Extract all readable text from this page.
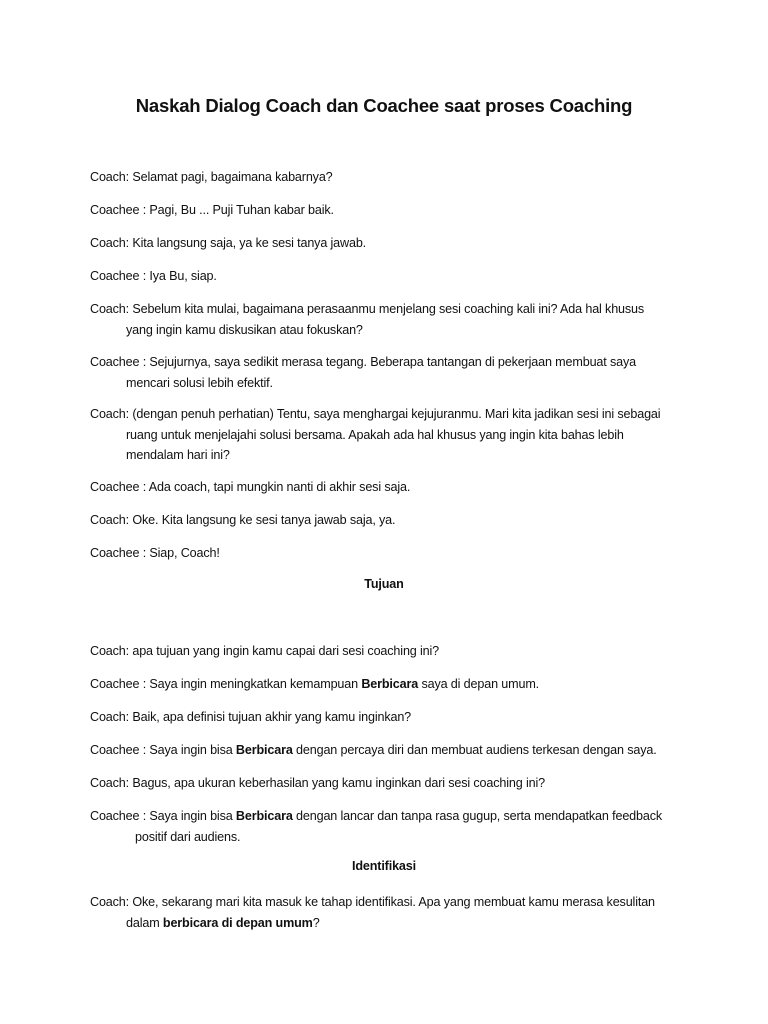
Naskah Dialog Coach dan Coachee saat proses Coaching
Coach: Selamat pagi, bagaimana kabarnya?
Coachee : Pagi, Bu ... Puji Tuhan kabar baik.
Coach: Kita langsung saja, ya ke sesi tanya jawab.
Coachee : Iya Bu, siap.
Coach: Sebelum kita mulai, bagaimana perasaanmu menjelang sesi coaching kali ini? Ada hal khusus
yang ingin kamu diskusikan atau fokuskan?
Coachee : Sejujurnya, saya sedikit merasa tegang. Beberapa tantangan di pekerjaan membuat saya
mencari solusi lebih efektif.
Coach: (dengan penuh perhatian) Tentu, saya menghargai kejujuranmu. Mari kita jadikan sesi ini sebagai
ruang untuk menjelajahi solusi bersama. Apakah ada hal khusus yang ingin kita bahas lebih
mendalam hari ini?
Coachee : Ada coach, tapi mungkin nanti di akhir sesi saja.
Coach: Oke. Kita langsung ke sesi tanya jawab saja, ya.
Coachee : Siap, Coach!
Tujuan
Coach: apa tujuan yang ingin kamu capai dari sesi coaching ini?
Coachee : Saya ingin meningkatkan kemampuan Berbicara saya di depan umum.
Coach: Baik, apa definisi tujuan akhir yang kamu inginkan?
Coachee : Saya ingin bisa Berbicara dengan percaya diri dan membuat audiens terkesan dengan saya.
Coach: Bagus, apa ukuran keberhasilan yang kamu inginkan dari sesi coaching ini?
Coachee : Saya ingin bisa Berbicara dengan lancar dan tanpa rasa gugup, serta mendapatkan feedback
positif dari audiens.
Identifikasi
Coach: Oke, sekarang mari kita masuk ke tahap identifikasi. Apa yang membuat kamu merasa kesulitan
dalam berbicara di depan umum?
